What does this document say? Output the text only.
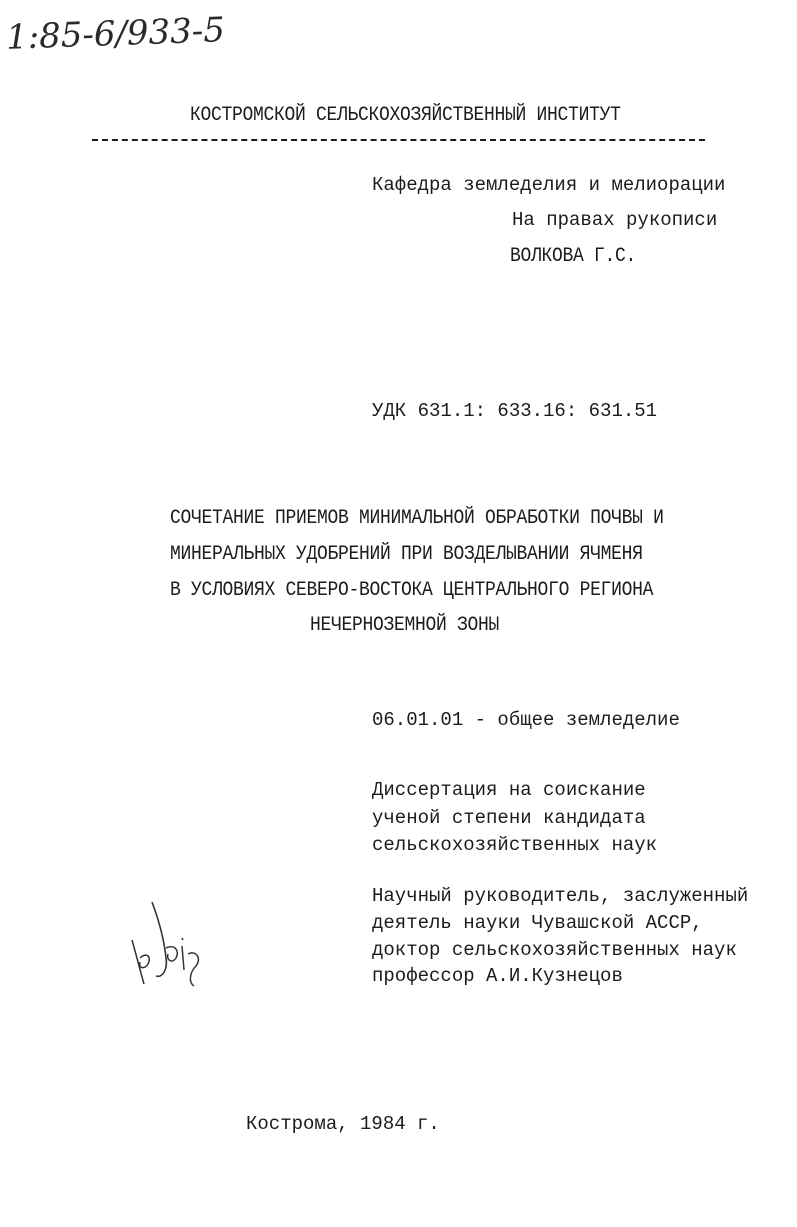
1:85-6/933-5
КОСТРОМСКОЙ СЕЛЬСКОХОЗЯЙСТВЕННЫЙ ИНСТИТУТ
Кафедра земледелия и мелиорации
На правах рукописи
ВОЛКОВА Г.С.
УДК 631.1: 633.16: 631.51
СОЧЕТАНИЕ ПРИЕМОВ МИНИМАЛЬНОЙ ОБРАБОТКИ ПОЧВЫ И
МИНЕРАЛЬНЫХ УДОБРЕНИЙ ПРИ ВОЗДЕЛЫВАНИИ ЯЧМЕНЯ
В УСЛОВИЯХ СЕВЕРО-ВОСТОКА ЦЕНТРАЛЬНОГО РЕГИОНА
НЕЧЕРНОЗЕМНОЙ ЗОНЫ
06.01.01 - общее земледелие
Диссертация на соискание
ученой степени кандидата
сельскохозяйственных наук
Научный руководитель, заслуженный
деятель науки Чувашской АССР,
доктор сельскохозяйственных наук
профессор А.И.Кузнецов
Кострома, 1984 г.
